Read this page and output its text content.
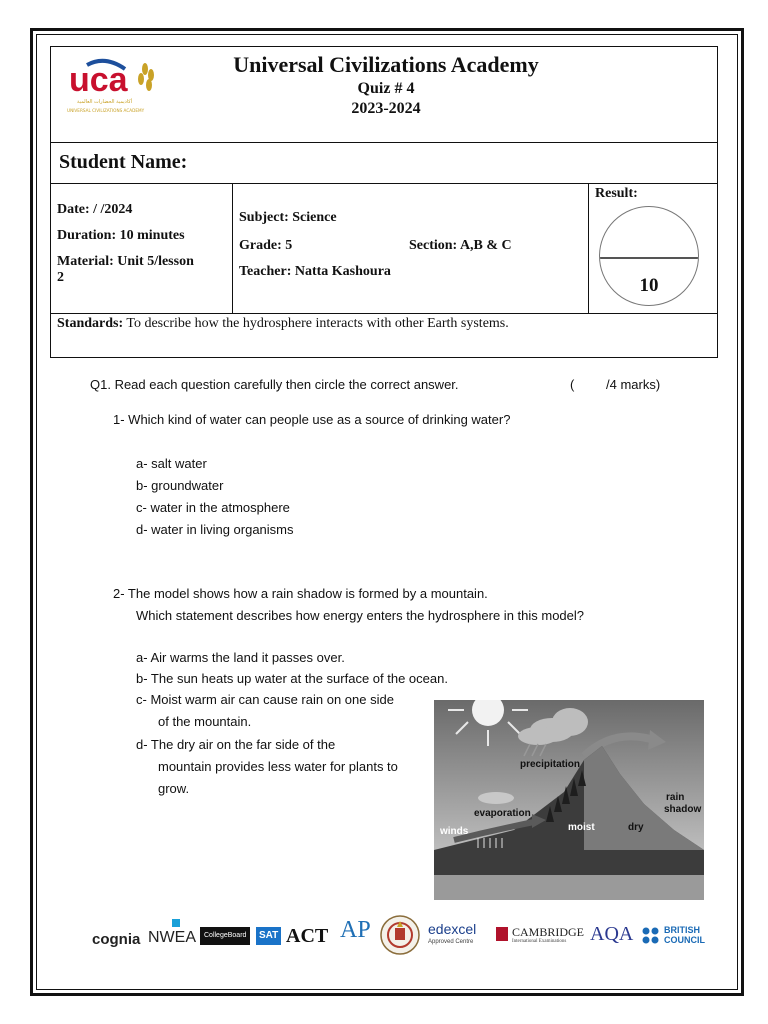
uca
أكاديمية الحضارات العالمية
UNIVERSAL CIVILIZATIONS ACADEMY
Universal Civilizations Academy
Quiz # 4
2023-2024
Student Name:
Date: / /2024
Duration: 10 minutes
Material: Unit 5/lesson
2
Subject: Science
Grade: 5	Section: A,B & C
Teacher: Natta Kashoura
Result:
10
Standards: To describe how the hydrosphere interacts with other Earth systems.
Q1. Read each question carefully then circle the correct answer.	( /4 marks)
1- Which kind of water can people use as a source of drinking water?
a- salt water
b- groundwater
c- water in the atmosphere
d- water in living organisms
2- The model shows how a rain shadow is formed by a mountain.
Which statement describes how energy enters the hydrosphere in this model?
a- Air warms the land it passes over.
b- The sun heats up water at the surface of the ocean.
c- Moist warm air can cause rain on one side
of the mountain.
d- The dry air on the far side of the
mountain provides less water for plants to
grow.
precipitation
evaporation
winds	moist	dry
rain
shadow
cognia NWEA	CollegeBoard	SAT ACT AP	edexcel
Approved Centre
CAMBRIDGE
International Examinations AQA	BRITISH
COUNCIL
